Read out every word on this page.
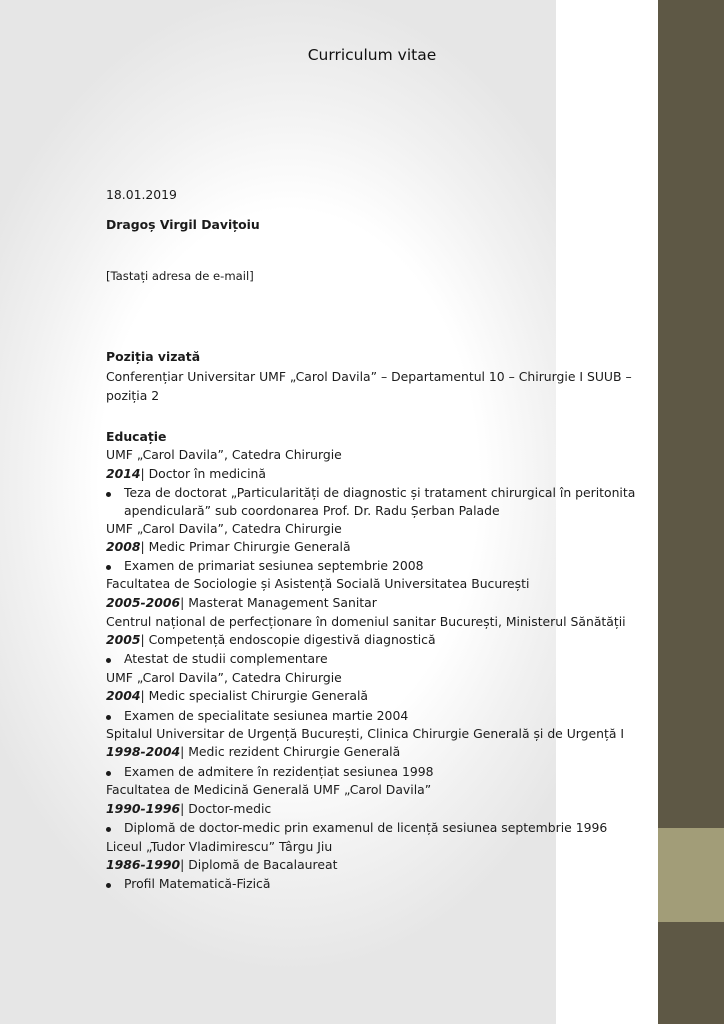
Curriculum vitae
18.01.2019
Dragoș Virgil Davițoiu
[Tastați adresa de e-mail]
Poziția vizată
Conferențiar Universitar UMF „Carol Davila” – Departamentul 10 – Chirurgie I SUUB –
poziția 2
Educație
UMF „Carol Davila”, Catedra Chirurgie
2014| Doctor în medicină
Teza de doctorat „Particularități de diagnostic și tratament chirurgical în peritonita
apendiculară” sub coordonarea Prof. Dr. Radu Șerban Palade
UMF „Carol Davila”, Catedra Chirurgie
2008| Medic Primar Chirurgie Generală
Examen de primariat sesiunea septembrie 2008
Facultatea de Sociologie și Asistență Socială Universitatea București
2005-2006| Masterat Management Sanitar
Centrul național de perfecționare în domeniul sanitar București, Ministerul Sănătății
2005| Competență endoscopie digestivă diagnostică
Atestat de studii complementare
UMF „Carol Davila”, Catedra Chirurgie
2004| Medic specialist Chirurgie Generală
Examen de specialitate sesiunea martie 2004
Spitalul Universitar de Urgență București, Clinica Chirurgie Generală și de Urgență I
1998-2004| Medic rezident Chirurgie Generală
Examen de admitere în rezidențiat sesiunea 1998
Facultatea de Medicină Generală UMF „Carol Davila”
1990-1996| Doctor-medic
Diplomă de doctor-medic prin examenul de licență sesiunea septembrie 1996
Liceul „Tudor Vladimirescu” Târgu Jiu
1986-1990| Diplomă de Bacalaureat
Profil Matematică-Fizică
